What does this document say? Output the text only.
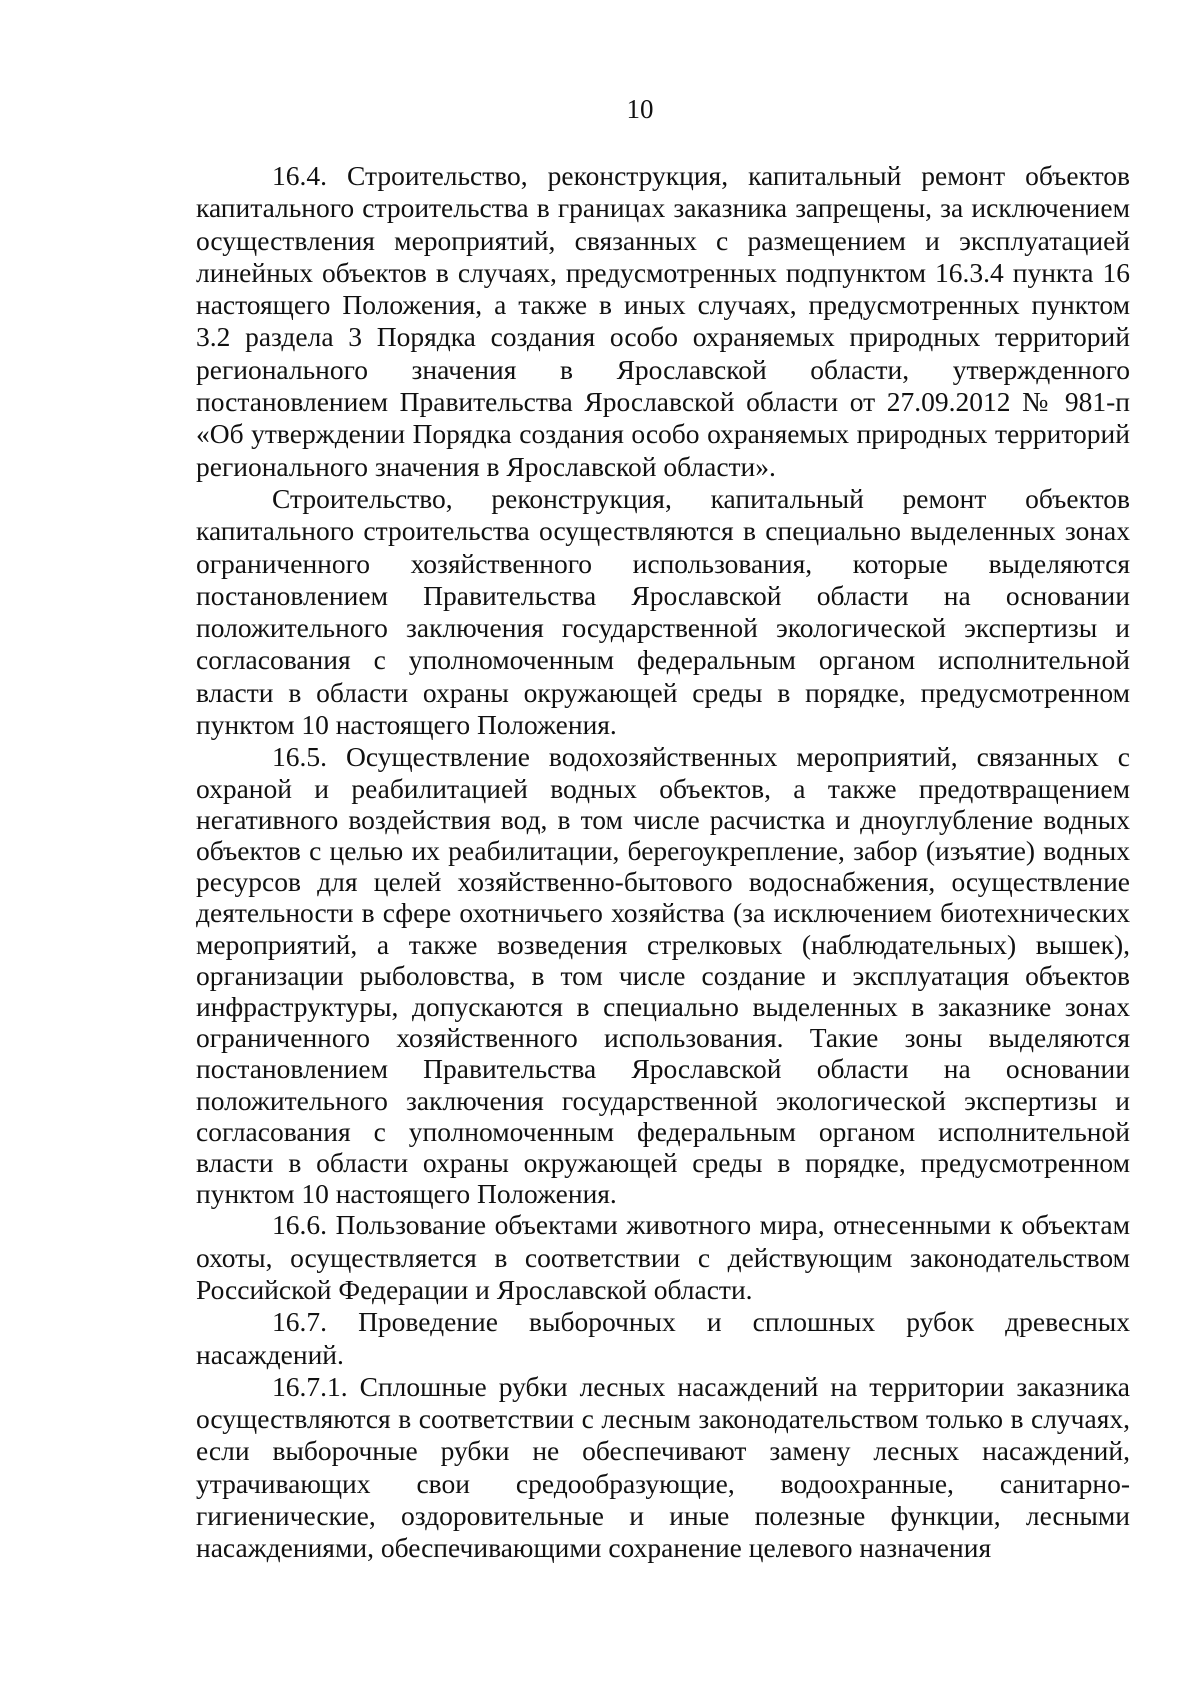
10

16.4. Строительство, реконструкция, капитальный ремонт объектов капитального строительства в границах заказника запрещены, за исключением осуществления мероприятий, связанных с размещением и эксплуатацией линейных объектов в случаях, предусмотренных подпунктом 16.3.4 пункта 16 настоящего Положения, а также в иных случаях, предусмотренных пунктом 3.2 раздела 3 Порядка создания особо охраняемых природных территорий регионального значения в Ярославской области, утвержденного постановлением Правительства Ярославской области от 27.09.2012 № 981-п «Об утверждении Порядка создания особо охраняемых природных территорий регионального значения в Ярославской области».

Строительство, реконструкция, капитальный ремонт объектов капитального строительства осуществляются в специально выделенных зонах ограниченного хозяйственного использования, которые выделяются постановлением Правительства Ярославской области на основании положительного заключения государственной экологической экспертизы и согласования с уполномоченным федеральным органом исполнительной власти в области охраны окружающей среды в порядке, предусмотренном пунктом 10 настоящего Положения.

16.5. Осуществление водохозяйственных мероприятий, связанных с охраной и реабилитацией водных объектов, а также предотвращением негативного воздействия вод, в том числе расчистка и дноуглубление водных объектов с целью их реабилитации, берегоукрепление, забор (изъятие) водных ресурсов для целей хозяйственно-бытового водоснабжения, осуществление деятельности в сфере охотничьего хозяйства (за исключением биотехнических мероприятий, а также возведения стрелковых (наблюдательных) вышек), организации рыболовства, в том числе создание и эксплуатация объектов инфраструктуры, допускаются в специально выделенных в заказнике зонах ограниченного хозяйственного использования. Такие зоны выделяются постановлением Правительства Ярославской области на основании положительного заключения государственной экологической экспертизы и согласования с уполномоченным федеральным органом исполнительной власти в области охраны окружающей среды в порядке, предусмотренном пунктом 10 настоящего Положения.

16.6. Пользование объектами животного мира, отнесенными к объектам охоты, осуществляется в соответствии с действующим законодательством Российской Федерации и Ярославской области.

16.7. Проведение выборочных и сплошных рубок древесных насаждений.

16.7.1. Сплошные рубки лесных насаждений на территории заказника осуществляются в соответствии с лесным законодательством только в случаях, если выборочные рубки не обеспечивают замену лесных насаждений, утрачивающих свои средообразующие, водоохранные, санитарно-гигиенические, оздоровительные и иные полезные функции, лесными насаждениями, обеспечивающими сохранение целевого назначения
